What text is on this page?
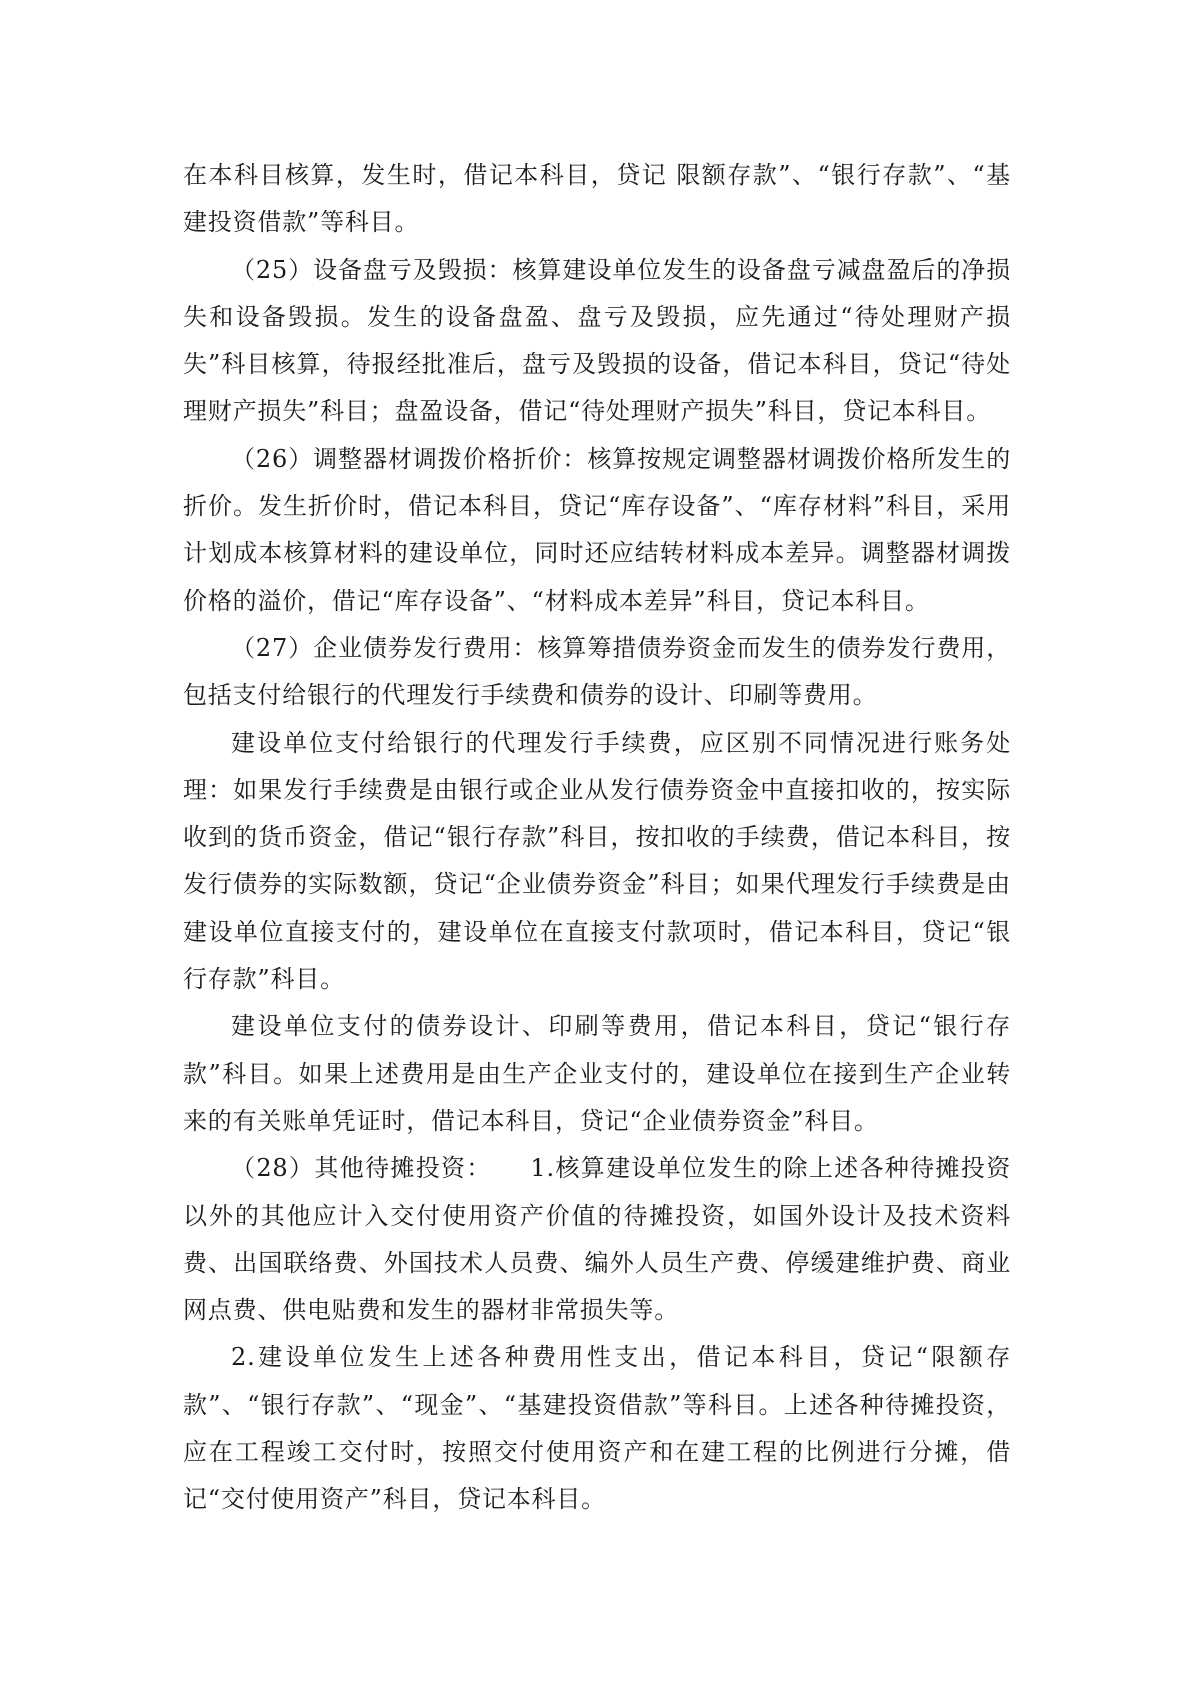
在本科目核算，发生时，借记本科目，贷记 限额存款”、“银行存款”、“基建投资借款”等科目。

（25）设备盘亏及毁损：核算建设单位发生的设备盘亏减盘盈后的净损失和设备毁损。发生的设备盘盈、盘亏及毁损，应先通过“待处理财产损失”科目核算，待报经批准后，盘亏及毁损的设备，借记本科目，贷记“待处理财产损失”科目；盘盈设备，借记“待处理财产损失”科目，贷记本科目。

（26）调整器材调拨价格折价：核算按规定调整器材调拨价格所发生的折价。发生折价时，借记本科目，贷记“库存设备”、“库存材料”科目，采用计划成本核算材料的建设单位，同时还应结转材料成本差异。调整器材调拨价格的溢价，借记“库存设备”、“材料成本差异”科目，贷记本科目。

（27）企业债券发行费用：核算筹措债券资金而发生的债券发行费用，包括支付给银行的代理发行手续费和债券的设计、印刷等费用。

建设单位支付给银行的代理发行手续费，应区别不同情况进行账务处理：如果发行手续费是由银行或企业从发行债券资金中直接扣收的，按实际收到的货币资金，借记“银行存款”科目，按扣收的手续费，借记本科目，按发行债券的实际数额，贷记“企业债券资金”科目；如果代理发行手续费是由建设单位直接支付的，建设单位在直接支付款项时，借记本科目，贷记“银行存款”科目。

建设单位支付的债券设计、印刷等费用，借记本科目，贷记“银行存款”科目。如果上述费用是由生产企业支付的，建设单位在接到生产企业转来的有关账单凭证时，借记本科目，贷记“企业债券资金”科目。

（28）其他待摊投资：　　1.核算建设单位发生的除上述各种待摊投资以外的其他应计入交付使用资产价值的待摊投资，如国外设计及技术资料费、出国联络费、外国技术人员费、编外人员生产费、停缓建维护费、商业网点费、供电贴费和发生的器材非常损失等。

2.建设单位发生上述各种费用性支出，借记本科目，贷记“限额存款”、“银行存款”、“现金”、“基建投资借款”等科目。上述各种待摊投资，应在工程竣工交付时，按照交付使用资产和在建工程的比例进行分摊，借记“交付使用资产”科目，贷记本科目。
